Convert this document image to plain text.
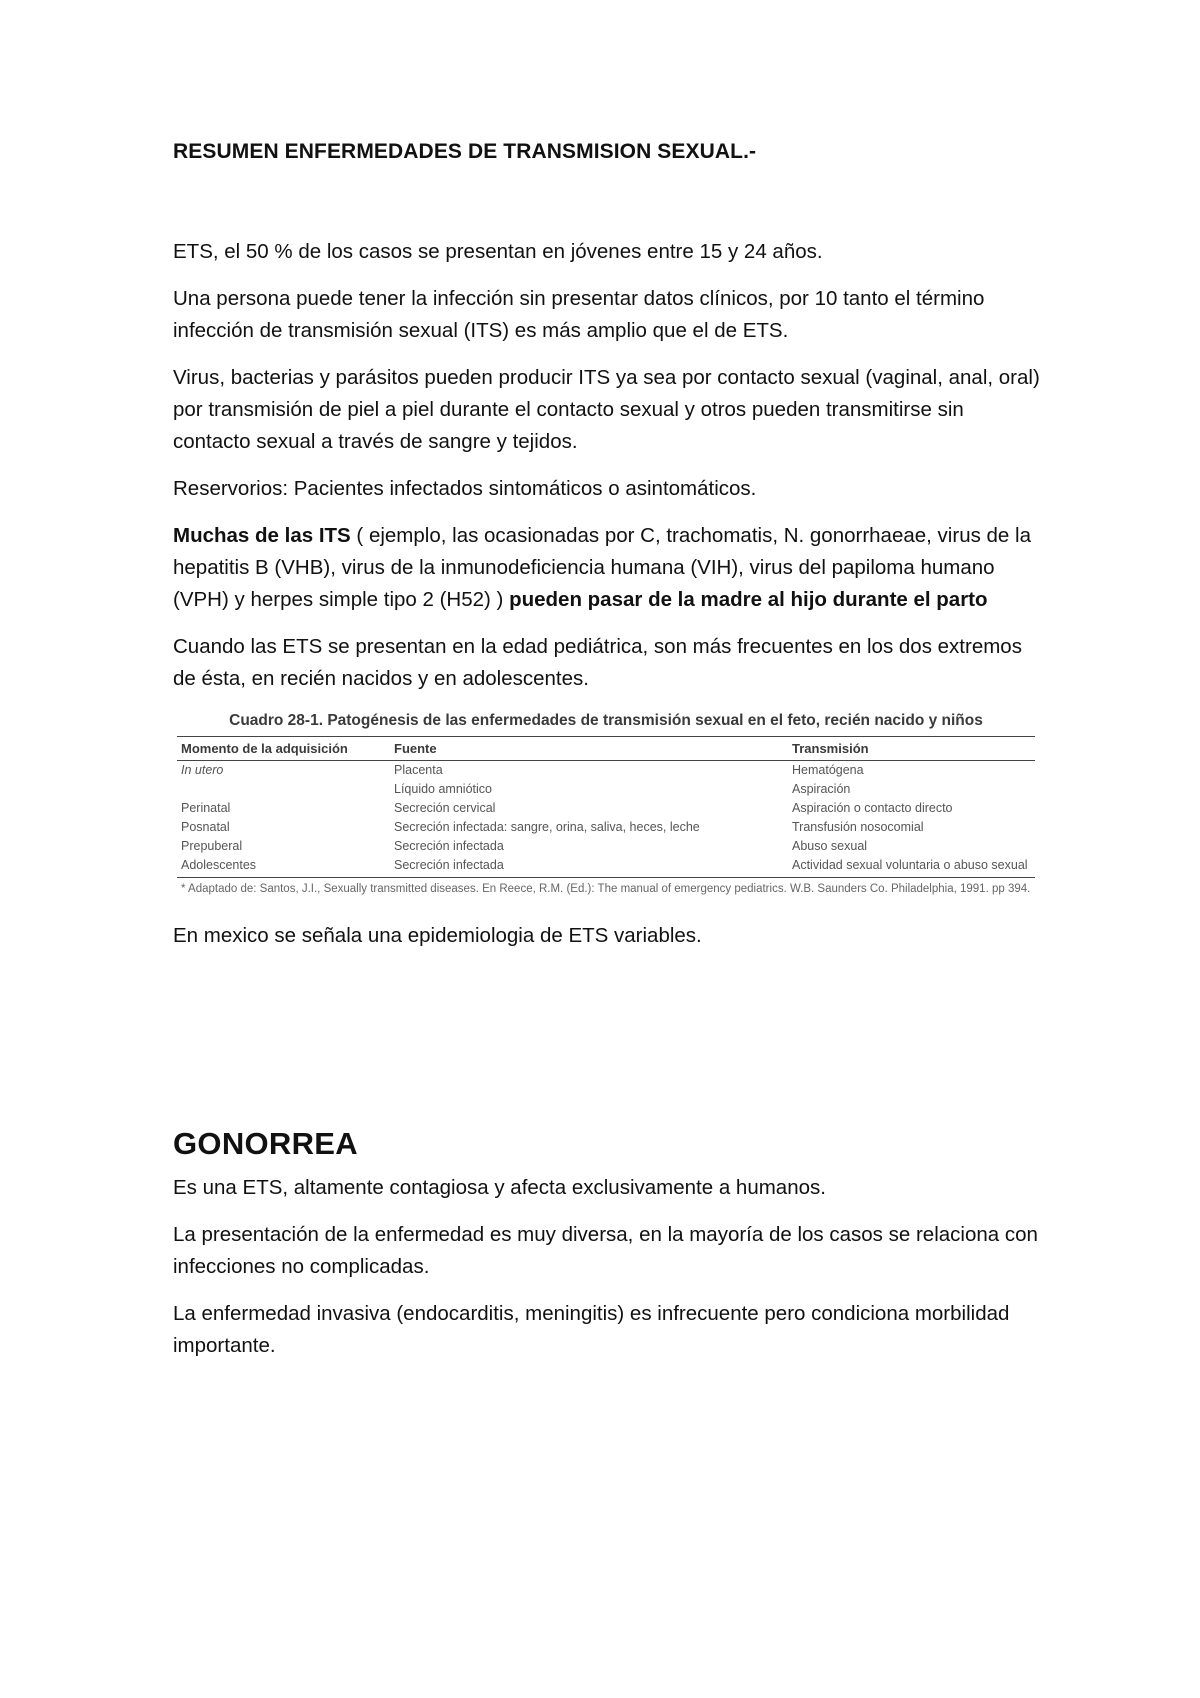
RESUMEN ENFERMEDADES DE TRANSMISION SEXUAL.-

ETS, el 50 % de los casos se presentan en jóvenes entre 15 y 24 años.

Una persona puede tener la infección sin presentar datos clínicos, por 10 tanto el término infección de transmisión sexual (ITS) es más amplio que el de ETS.

Virus, bacterias y parásitos pueden producir ITS ya sea por contacto sexual (vaginal, anal, oral) por transmisión de piel a piel durante el contacto sexual y otros pueden transmitirse sin contacto sexual a través de sangre y tejidos.

Reservorios: Pacientes infectados sintomáticos o asintomáticos.

Muchas de las ITS ( ejemplo, las ocasionadas por C, trachomatis, N. gonorrhaeae, virus de la hepatitis B (VHB), virus de la inmunodeficiencia humana (VIH), virus del papiloma humano (VPH) y herpes simple tipo 2 (H52) ) pueden pasar de la madre al hijo durante el parto

Cuando las ETS se presentan en la edad pediátrica, son más frecuentes en los dos extremos de ésta, en recién nacidos y en adolescentes.

Cuadro 28-1. Patogénesis de las enfermedades de transmisión sexual en el feto, recién nacido y niños
Momento de la adquisición	Fuente	Transmisión
In utero	Placenta	Hematógena
	Líquido amniótico	Aspiración
Perinatal	Secreción cervical	Aspiración o contacto directo
Posnatal	Secreción infectada: sangre, orina, saliva, heces, leche	Transfusión nosocomial
Prepuberal	Secreción infectada	Abuso sexual
Adolescentes	Secreción infectada	Actividad sexual voluntaria o abuso sexual
* Adaptado de: Santos, J.I., Sexually transmitted diseases. En Reece, R.M. (Ed.): The manual of emergency pediatrics. W.B. Saunders Co. Philadelphia, 1991. pp 394.

En mexico se señala una epidemiologia de ETS variables.

GONORREA

Es una ETS, altamente contagiosa y afecta exclusivamente a humanos.

La presentación de la enfermedad es muy diversa, en la mayoría de los casos se relaciona con infecciones no complicadas.

La enfermedad invasiva (endocarditis, meningitis) es infrecuente pero condiciona morbilidad importante.
